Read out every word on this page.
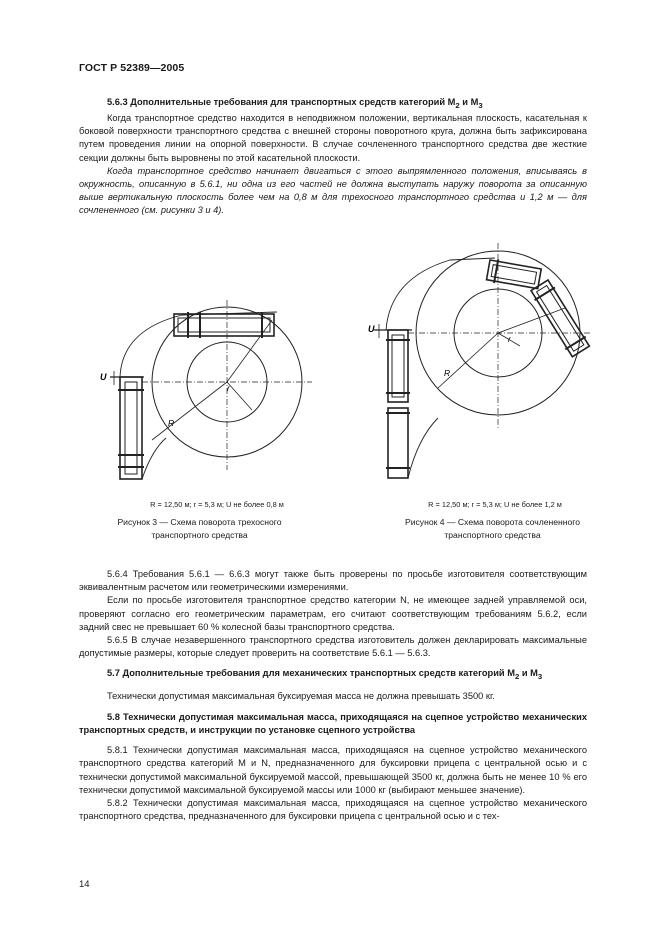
ГОСТ Р 52389—2005

5.6.3 Дополнительные требования для транспортных средств категорий $M_2$ и $M_3$

Когда транспортное средство находится в неподвижном положении, вертикальная плоскость, касательная к боковой поверхности транспортного средства с внешней стороны поворотного круга, должна быть зафиксирована путем проведения линии на опорной поверхности. В случае сочлененного транспортного средства две жесткие секции должны быть выровнены по этой касательной плоскости.

Когда транспортное средство начинает двигаться с этого выпрямленного положения, вписываясь в окружность, описанную в 5.6.1, ни одна из его частей не должна выступать наружу поворота за описанную выше вертикальную плоскость более чем на 0,8 м для трехосного транспортного средства и 1,2 м — для сочлененного (см. рисунки 3 и 4).

U
R
r
R = 12,50 м; r = 5,3 м; U не более 0,8 м
Рисунок 3 — Схема поворота трехосного
транспортного средства
U
R
r
R = 12,50 м; r = 5,3 м; U не более 1,2 м
Рисунок 4 — Схема поворота сочлененного
транспортного средства

5.6.4 Требования 5.6.1 — 6.6.3 могут также быть проверены по просьбе изготовителя соответствующим эквивалентным расчетом или геометрическими измерениями.

Если по просьбе изготовителя транспортное средство категории N, не имеющее задней управляемой оси, проверяют согласно его геометрическим параметрам, его считают соответствующим требованиям 5.6.2, если задний свес не превышает 60 % колесной базы транспортного средства.

5.6.5 В случае незавершенного транспортного средства изготовитель должен декларировать максимальные допустимые размеры, которые следует проверить на соответствие 5.6.1 — 5.6.3.

5.7 Дополнительные требования для механических транспортных средств категорий $M_2$ и $M_3$

Технически допустимая максимальная буксируемая масса не должна превышать 3500 кг.

5.8 Технически допустимая максимальная масса, приходящаяся на сцепное устройство механических транспортных средств, и инструкции по установке сцепного устройства

5.8.1 Технически допустимая максимальная масса, приходящаяся на сцепное устройство механического транспортного средства категорий M и N, предназначенного для буксировки прицепа с центральной осью и с технически допустимой максимальной буксируемой массой, превышающей 3500 кг, должна быть не менее 10 % его технически допустимой максимальной буксируемой массы или 1000 кг (выбирают меньшее значение).

5.8.2 Технически допустимая максимальная масса, приходящаяся на сцепное устройство механического транспортного средства, предназначенного для буксировки прицепа с центральной осью и с тех-

14
